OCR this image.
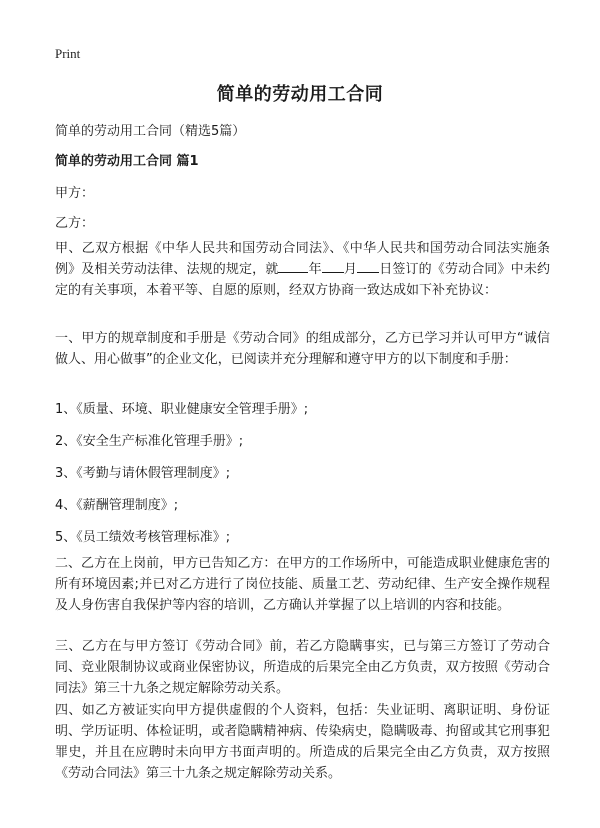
Print
简单的劳动用工合同
简单的劳动用工合同（精选5篇）
简单的劳动用工合同 篇1
甲方：
乙方：
甲、乙双方根据《中华人民共和国劳动合同法》、《中华人民共和国劳动合同法实施条例》及相关劳动法律、法规的规定，就 年 月 日签订的《劳动合同》中未约定的有关事项，本着平等、自愿的原则，经双方协商一致达成如下补充协议：
一、甲方的规章制度和手册是《劳动合同》的组成部分，乙方已学习并认可甲方“诚信做人、用心做事”的企业文化，已阅读并充分理解和遵守甲方的以下制度和手册：
1、《质量、环境、职业健康安全管理手册》;
2、《安全生产标准化管理手册》;
3、《考勤与请休假管理制度》;
4、《薪酬管理制度》;
5、《员工绩效考核管理标准》;
二、乙方在上岗前，甲方已告知乙方：在甲方的工作场所中，可能造成职业健康危害的所有环境因素;并已对乙方进行了岗位技能、质量工艺、劳动纪律、生产安全操作规程及人身伤害自我保护等内容的培训，乙方确认并掌握了以上培训的内容和技能。
三、乙方在与甲方签订《劳动合同》前，若乙方隐瞒事实，已与第三方签订了劳动合同、竞业限制协议或商业保密协议，所造成的后果完全由乙方负责，双方按照《劳动合同法》第三十九条之规定解除劳动关系。
四、如乙方被证实向甲方提供虚假的个人资料，包括：失业证明、离职证明、身份证明、学历证明、体检证明，或者隐瞒精神病、传染病史，隐瞒吸毒、拘留或其它刑事犯罪史，并且在应聘时未向甲方书面声明的。所造成的后果完全由乙方负责，双方按照《劳动合同法》第三十九条之规定解除劳动关系。
